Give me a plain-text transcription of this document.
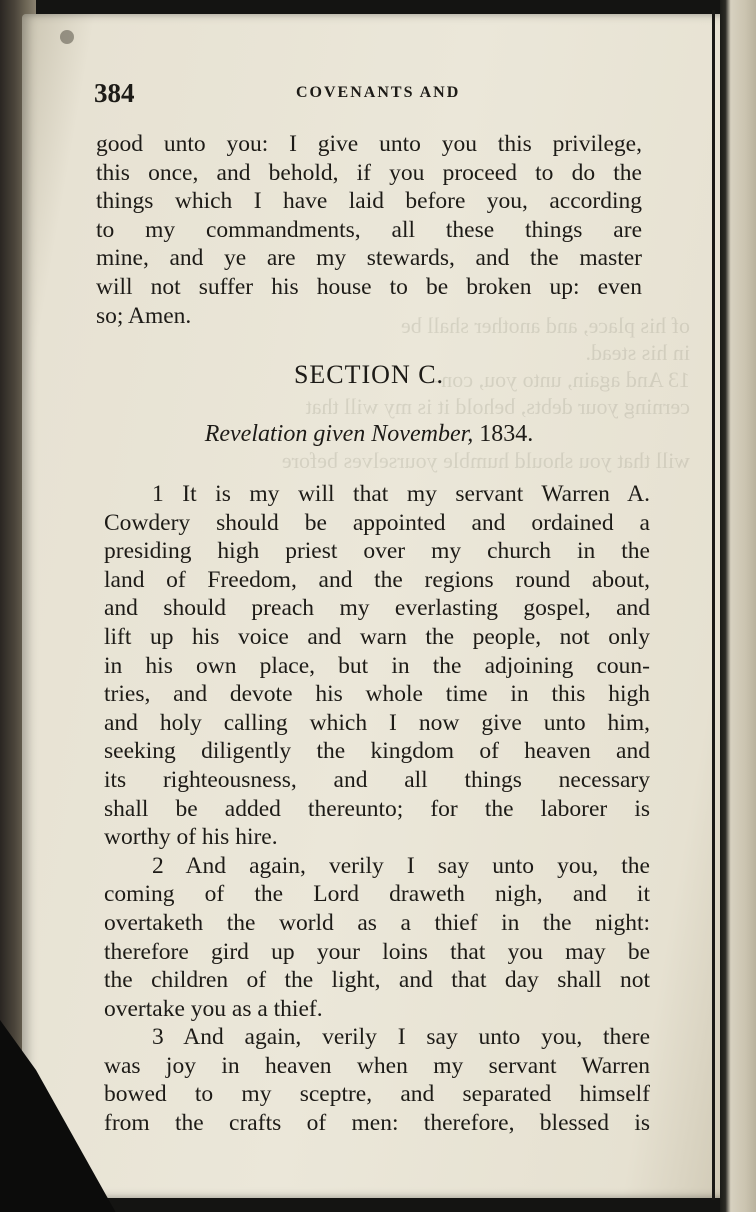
of his place, and another shall be
in his stead.
13 And again, unto you, con-
cerning your debts, behold it is my will that

will that you should humble yourselves before
384	COVENANTS AND
good unto you: I give unto you this privilege,
this once, and behold, if you proceed to do the
things which I have laid before you, according
to my commandments, all these things are
mine, and ye are my stewards, and the master
will not suffer his house to be broken up: even
so; Amen.
SECTION C.
Revelation given November, 1834.
1 It is my will that my servant Warren A.
Cowdery should be appointed and ordained a
presiding high priest over my church in the
land of Freedom, and the regions round about,
and should preach my everlasting gospel, and
lift up his voice and warn the people, not only
in his own place, but in the adjoining coun-
tries, and devote his whole time in this high
and holy calling which I now give unto him,
seeking diligently the kingdom of heaven and
its righteousness, and all things necessary
shall be added thereunto; for the laborer is
worthy of his hire.
2 And again, verily I say unto you, the
coming of the Lord draweth nigh, and it
overtaketh the world as a thief in the night:
therefore gird up your loins that you may be
the children of the light, and that day shall not
overtake you as a thief.
3 And again, verily I say unto you, there
was joy in heaven when my servant Warren
bowed to my sceptre, and separated himself
from the crafts of men: therefore, blessed is
